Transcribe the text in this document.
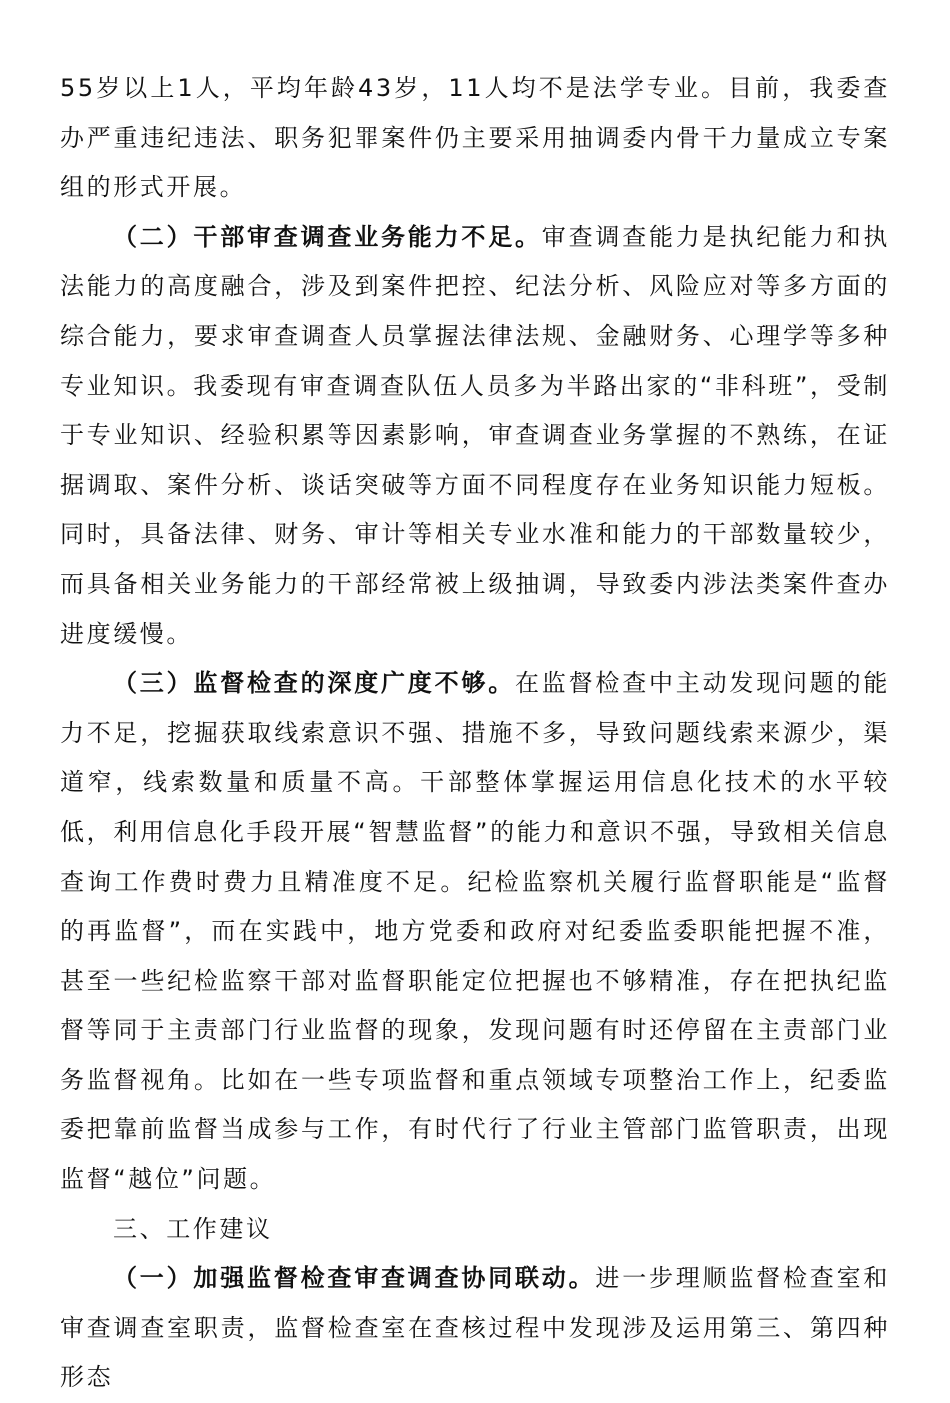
55岁以上1人，平均年龄43岁，11人均不是法学专业。目前，我委查办严重违纪违法、职务犯罪案件仍主要采用抽调委内骨干力量成立专案组的形式开展。

（二）干部审查调查业务能力不足。审查调查能力是执纪能力和执法能力的高度融合，涉及到案件把控、纪法分析、风险应对等多方面的综合能力，要求审查调查人员掌握法律法规、金融财务、心理学等多种专业知识。我委现有审查调查队伍人员多为半路出家的“非科班”，受制于专业知识、经验积累等因素影响，审查调查业务掌握的不熟练，在证据调取、案件分析、谈话突破等方面不同程度存在业务知识能力短板。同时，具备法律、财务、审计等相关专业水准和能力的干部数量较少，而具备相关业务能力的干部经常被上级抽调，导致委内涉法类案件查办进度缓慢。

（三）监督检查的深度广度不够。在监督检查中主动发现问题的能力不足，挖掘获取线索意识不强、措施不多，导致问题线索来源少，渠道窄，线索数量和质量不高。干部整体掌握运用信息化技术的水平较低，利用信息化手段开展“智慧监督”的能力和意识不强，导致相关信息查询工作费时费力且精准度不足。纪检监察机关履行监督职能是“监督的再监督”，而在实践中，地方党委和政府对纪委监委职能把握不准，甚至一些纪检监察干部对监督职能定位把握也不够精准，存在把执纪监督等同于主责部门行业监督的现象，发现问题有时还停留在主责部门业务监督视角。比如在一些专项监督和重点领域专项整治工作上，纪委监委把靠前监督当成参与工作，有时代行了行业主管部门监管职责，出现监督“越位”问题。

三、工作建议

（一）加强监督检查审查调查协同联动。进一步理顺监督检查室和审查调查室职责，监督检查室在查核过程中发现涉及运用第三、第四种形态
